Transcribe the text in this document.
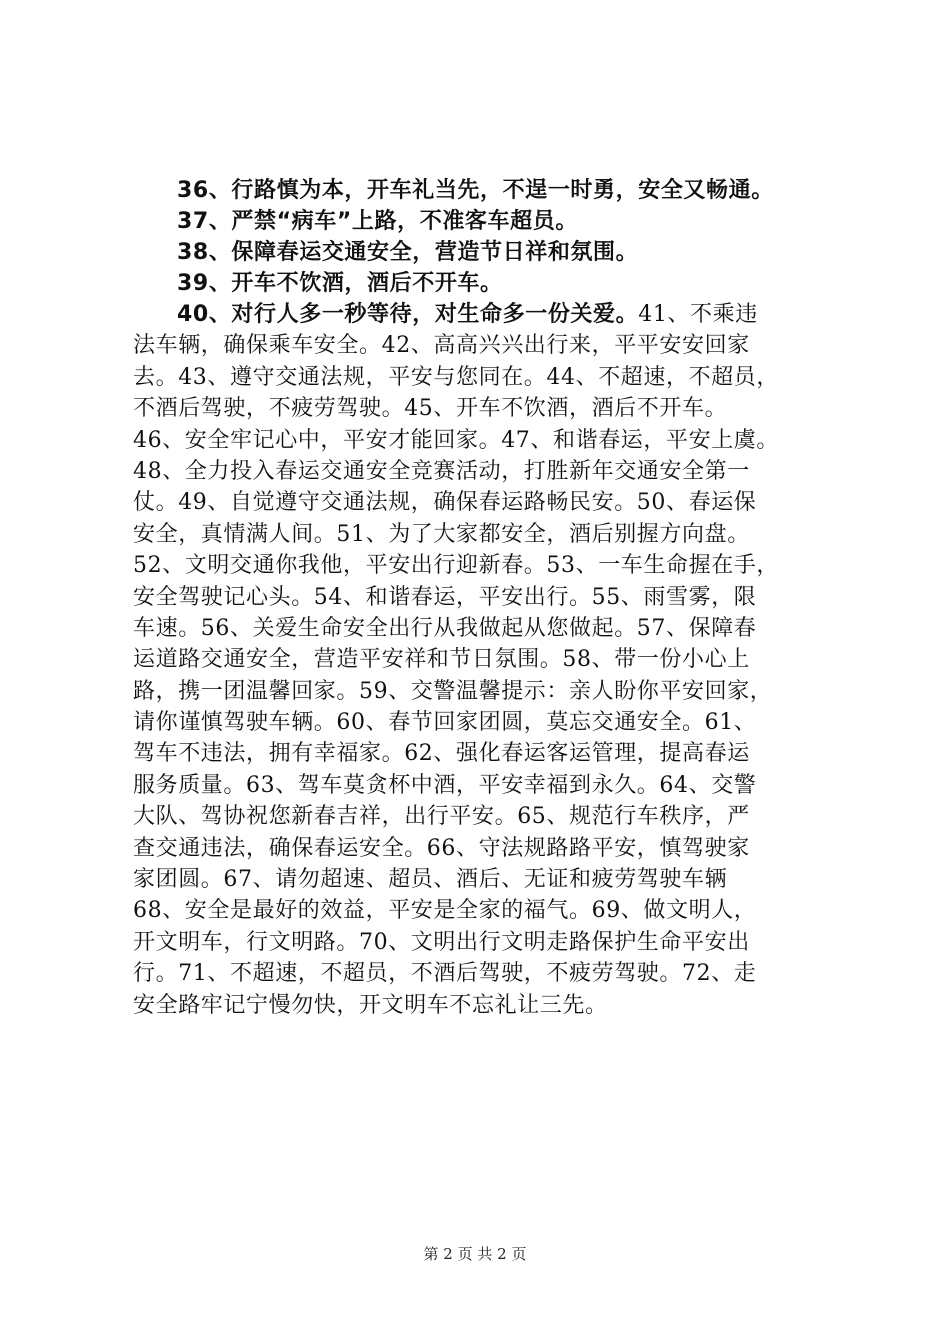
36、行路慎为本，开车礼当先，不逞一时勇，安全又畅通。
37、严禁“病车”上路，不准客车超员。
38、保障春运交通安全，营造节日祥和氛围。
39、开车不饮酒，酒后不开车。
40、对行人多一秒等待，对生命多一份关爱。41、不乘违
法车辆，确保乘车安全。42、高高兴兴出行来，平平安安回家
去。43、遵守交通法规，平安与您同在。44、不超速，不超员，
不酒后驾驶，不疲劳驾驶。45、开车不饮酒，酒后不开车。
46、安全牢记心中，平安才能回家。47、和谐春运，平安上虞。
48、全力投入春运交通安全竞赛活动，打胜新年交通安全第一
仗。49、自觉遵守交通法规，确保春运路畅民安。50、春运保
安全，真情满人间。51、为了大家都安全，酒后别握方向盘。
52、文明交通你我他，平安出行迎新春。53、一车生命握在手，
安全驾驶记心头。54、和谐春运，平安出行。55、雨雪雾，限
车速。56、关爱生命安全出行从我做起从您做起。57、保障春
运道路交通安全，营造平安祥和节日氛围。58、带一份小心上
路，携一团温馨回家。59、交警温馨提示：亲人盼你平安回家，
请你谨慎驾驶车辆。60、春节回家团圆，莫忘交通安全。61、
驾车不违法，拥有幸福家。62、强化春运客运管理，提高春运
服务质量。63、驾车莫贪杯中酒，平安幸福到永久。64、交警
大队、驾协祝您新春吉祥，出行平安。65、规范行车秩序，严
查交通违法，确保春运安全。66、守法规路路平安，慎驾驶家
家团圆。67、请勿超速、超员、酒后、无证和疲劳驾驶车辆
68、安全是最好的效益，平安是全家的福气。69、做文明人，
开文明车，行文明路。70、文明出行文明走路保护生命平安出
行。71、不超速，不超员，不酒后驾驶，不疲劳驾驶。72、走
安全路牢记宁慢勿快，开文明车不忘礼让三先。
第 2 页 共 2 页
